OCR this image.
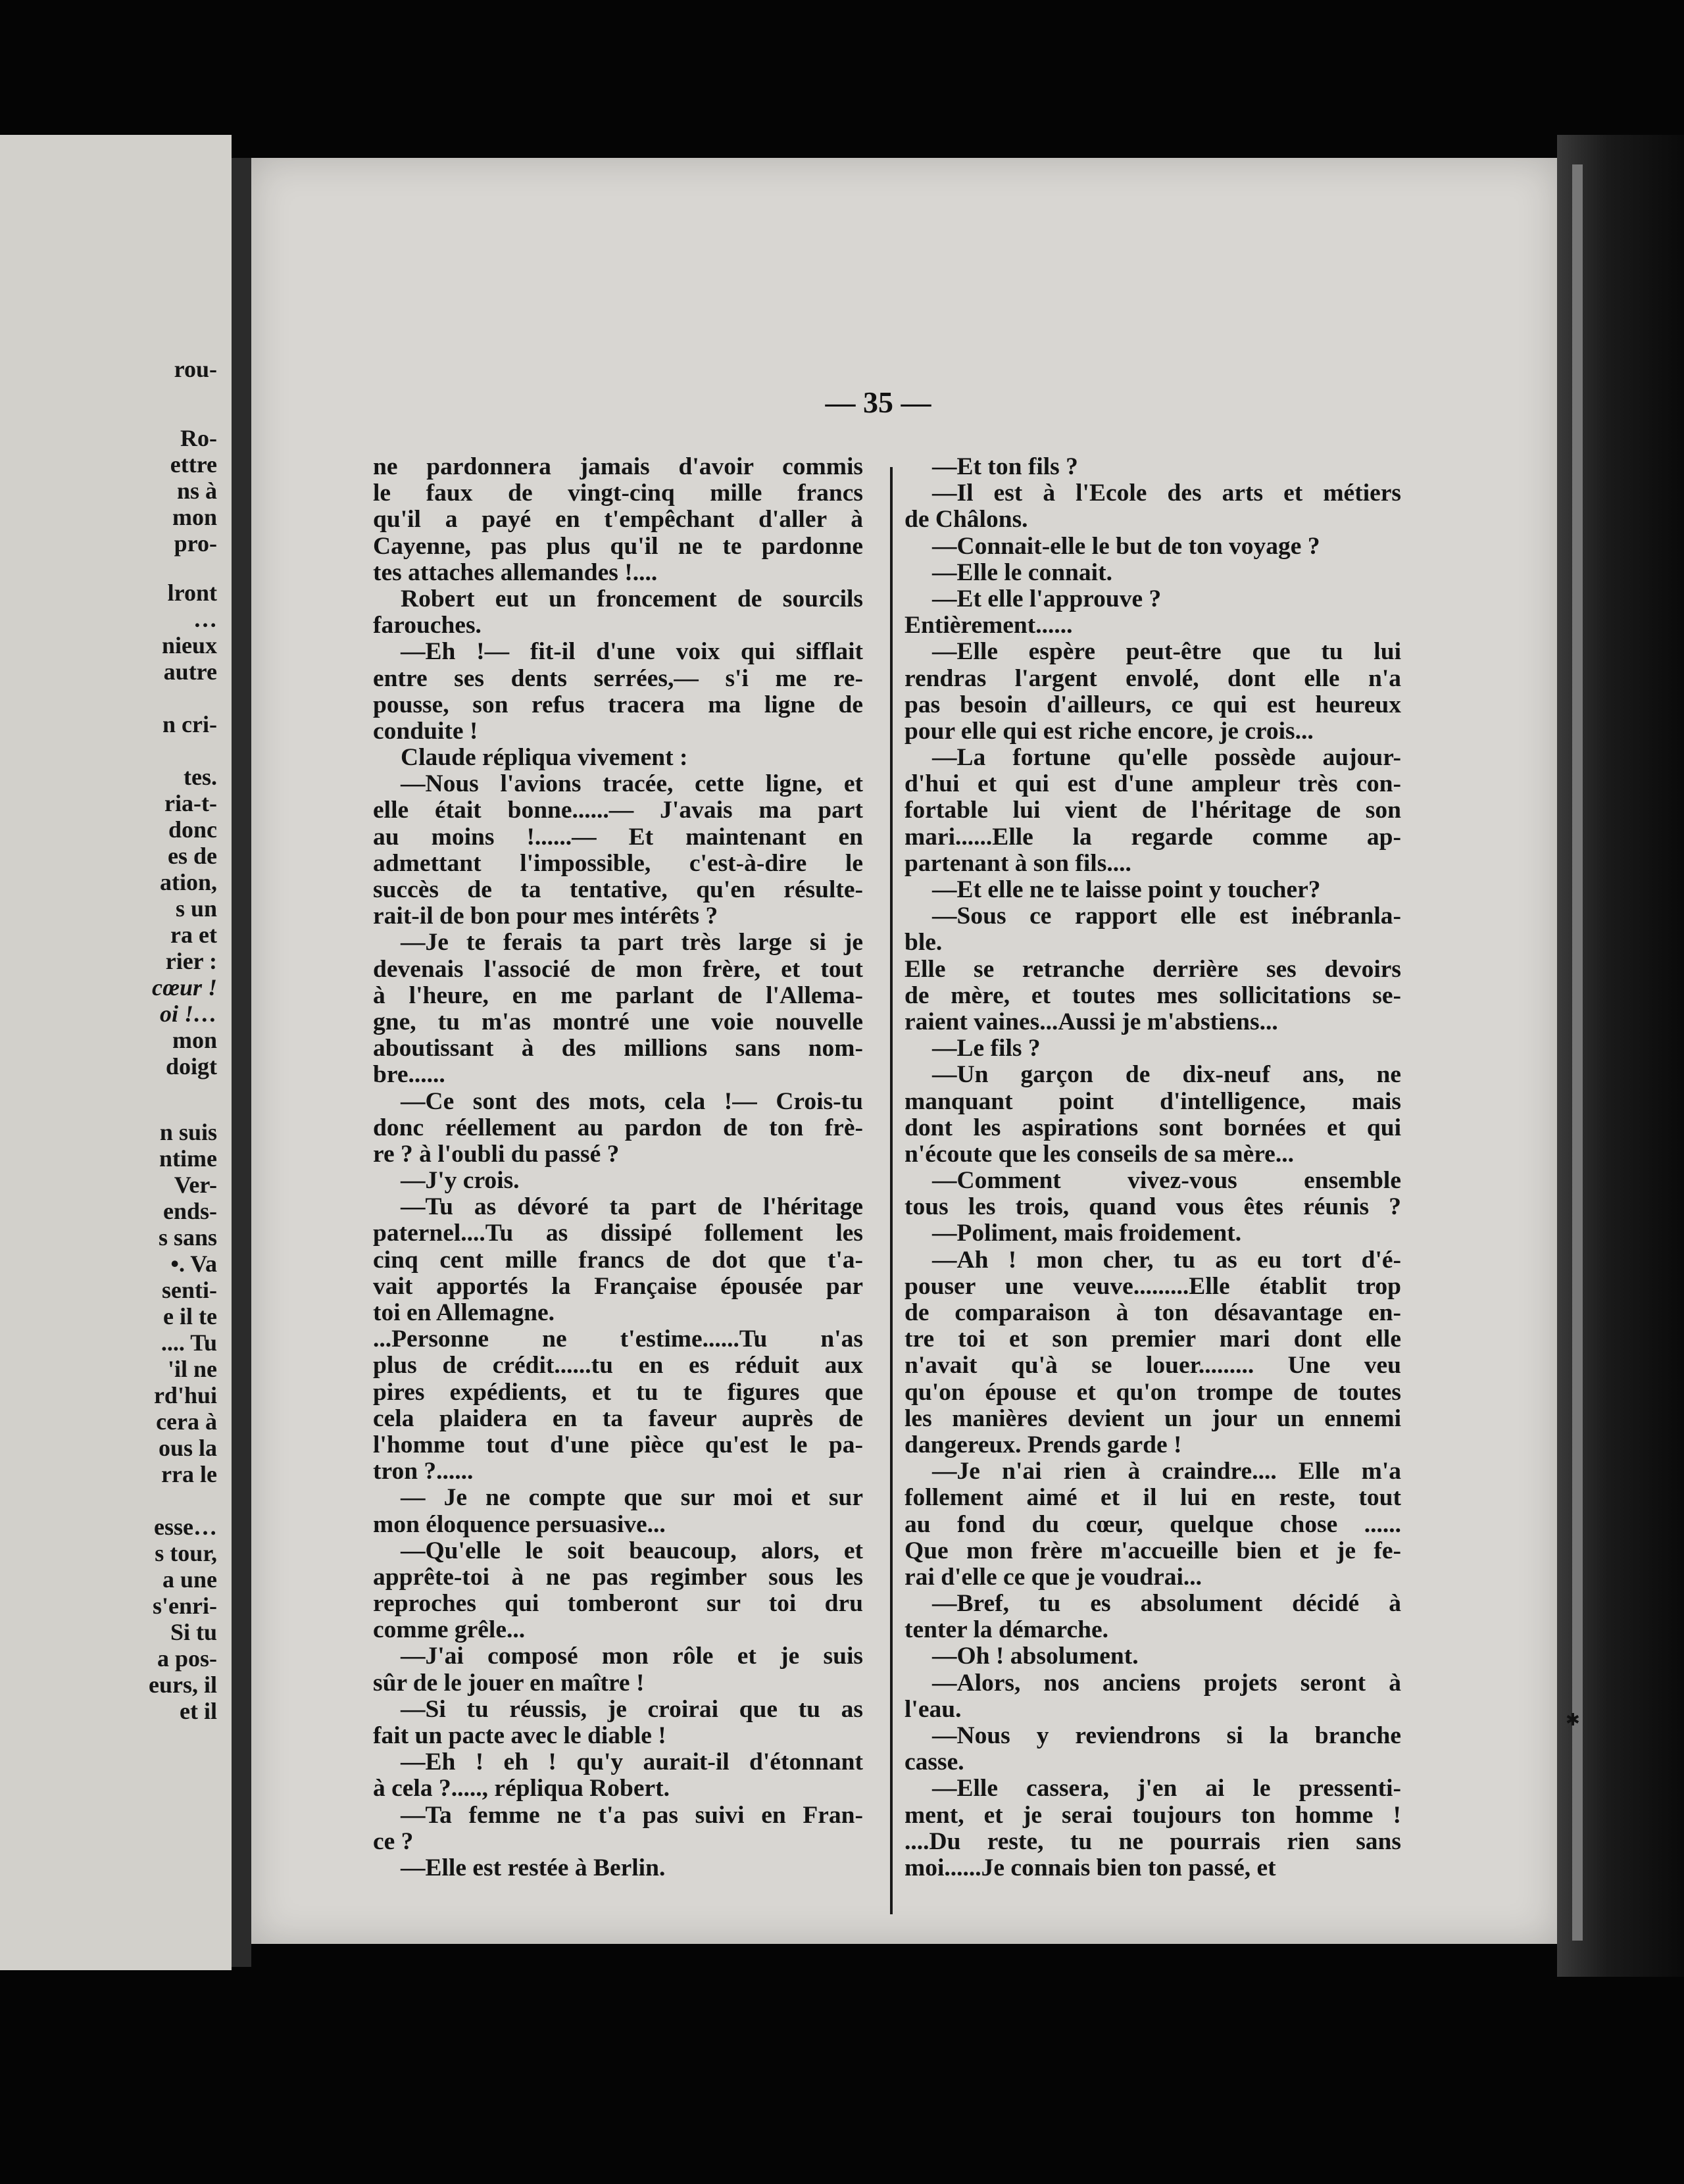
rou-
Ro-
ettre
ns à
mon
pro-
lront
…
nieux
autre
n cri-
tes.
ria-t-
donc
es de
ation,
s un
ra et
rier :
cœur !
oi !…
mon
doigt
n suis
ntime
Ver-
ends-
s sans
•. Va
senti-
e il te
.... Tu
'il ne
rd'hui
cera à
ous la
rra le
esse…
s tour,
a une
s'enri-
Si tu
a pos-
eurs, il
et il
— 35 —
ne pardonnera jamais d'avoir commis
le faux de vingt-cinq mille francs
qu'il a payé en t'empêchant d'aller à
Cayenne, pas plus qu'il ne te pardonne
tes attaches allemandes !....
Robert eut un froncement de sourcils
farouches.
—Eh !— fit-il d'une voix qui sifflait
entre ses dents serrées,— s'i me re-
pousse, son refus tracera ma ligne de
conduite !
Claude répliqua vivement :
—Nous l'avions tracée, cette ligne, et
elle était bonne......— J'avais ma part
au moins !......— Et maintenant en
admettant l'impossible, c'est-à-dire le
succès de ta tentative, qu'en résulte-
rait-il de bon pour mes intérêts ?
—Je te ferais ta part très large si je
devenais l'associé de mon frère, et tout
à l'heure, en me parlant de l'Allema-
gne, tu m'as montré une voie nouvelle
aboutissant à des millions sans nom-
bre......
—Ce sont des mots, cela !— Crois-tu
donc réellement au pardon de ton frè-
re ? à l'oubli du passé ?
—J'y crois.
—Tu as dévoré ta part de l'héritage
paternel....Tu as dissipé follement les
cinq cent mille francs de dot que t'a-
vait apportés la Française épousée par
toi en Allemagne.
...Personne ne t'estime......Tu n'as
plus de crédit......tu en es réduit aux
pires expédients, et tu te figures que
cela plaidera en ta faveur auprès de
l'homme tout d'une pièce qu'est le pa-
tron ?......
— Je ne compte que sur moi et sur
mon éloquence persuasive...
—Qu'elle le soit beaucoup, alors, et
apprête-toi à ne pas regimber sous les
reproches qui tomberont sur toi dru
comme grêle...
—J'ai composé mon rôle et je suis
sûr de le jouer en maître !
—Si tu réussis, je croirai que tu as
fait un pacte avec le diable !
—Eh ! eh ! qu'y aurait-il d'étonnant
à cela ?....., répliqua Robert.
—Ta femme ne t'a pas suivi en Fran-
ce ?
—Elle est restée à Berlin.
—Et ton fils ?
—Il est à l'Ecole des arts et métiers
de Châlons.
—Connait-elle le but de ton voyage ?
—Elle le connait.
—Et elle l'approuve ?
Entièrement......
—Elle espère peut-être que tu lui
rendras l'argent envolé, dont elle n'a
pas besoin d'ailleurs, ce qui est heureux
pour elle qui est riche encore, je crois...
—La fortune qu'elle possède aujour-
d'hui et qui est d'une ampleur très con-
fortable lui vient de l'héritage de son
mari......Elle la regarde comme ap-
partenant à son fils....
—Et elle ne te laisse point y toucher?
—Sous ce rapport elle est inébranla-
ble.
Elle se retranche derrière ses devoirs
de mère, et toutes mes sollicitations se-
raient vaines...Aussi je m'abstiens...
—Le fils ?
—Un garçon de dix-neuf ans, ne
manquant point d'intelligence, mais
dont les aspirations sont bornées et qui
n'écoute que les conseils de sa mère...
—Comment vivez-vous ensemble
tous les trois, quand vous êtes réunis ?
—Poliment, mais froidement.
—Ah ! mon cher, tu as eu tort d'é-
pouser une veuve.........Elle établit trop
de comparaison à ton désavantage en-
tre toi et son premier mari dont elle
n'avait qu'à se louer......... Une veu
qu'on épouse et qu'on trompe de toutes
les manières devient un jour un ennemi
dangereux. Prends garde !
—Je n'ai rien à craindre.... Elle m'a
follement aimé et il lui en reste, tout
au fond du cœur, quelque chose ......
Que mon frère m'accueille bien et je fe-
rai d'elle ce que je voudrai...
—Bref, tu es absolument décidé à
tenter la démarche.
—Oh ! absolument.
—Alors, nos anciens projets seront à
l'eau.
—Nous y reviendrons si la branche
casse.
—Elle cassera, j'en ai le pressenti-
ment, et je serai toujours ton homme !
....Du reste, tu ne pourrais rien sans
moi......Je connais bien ton passé, et
✱
